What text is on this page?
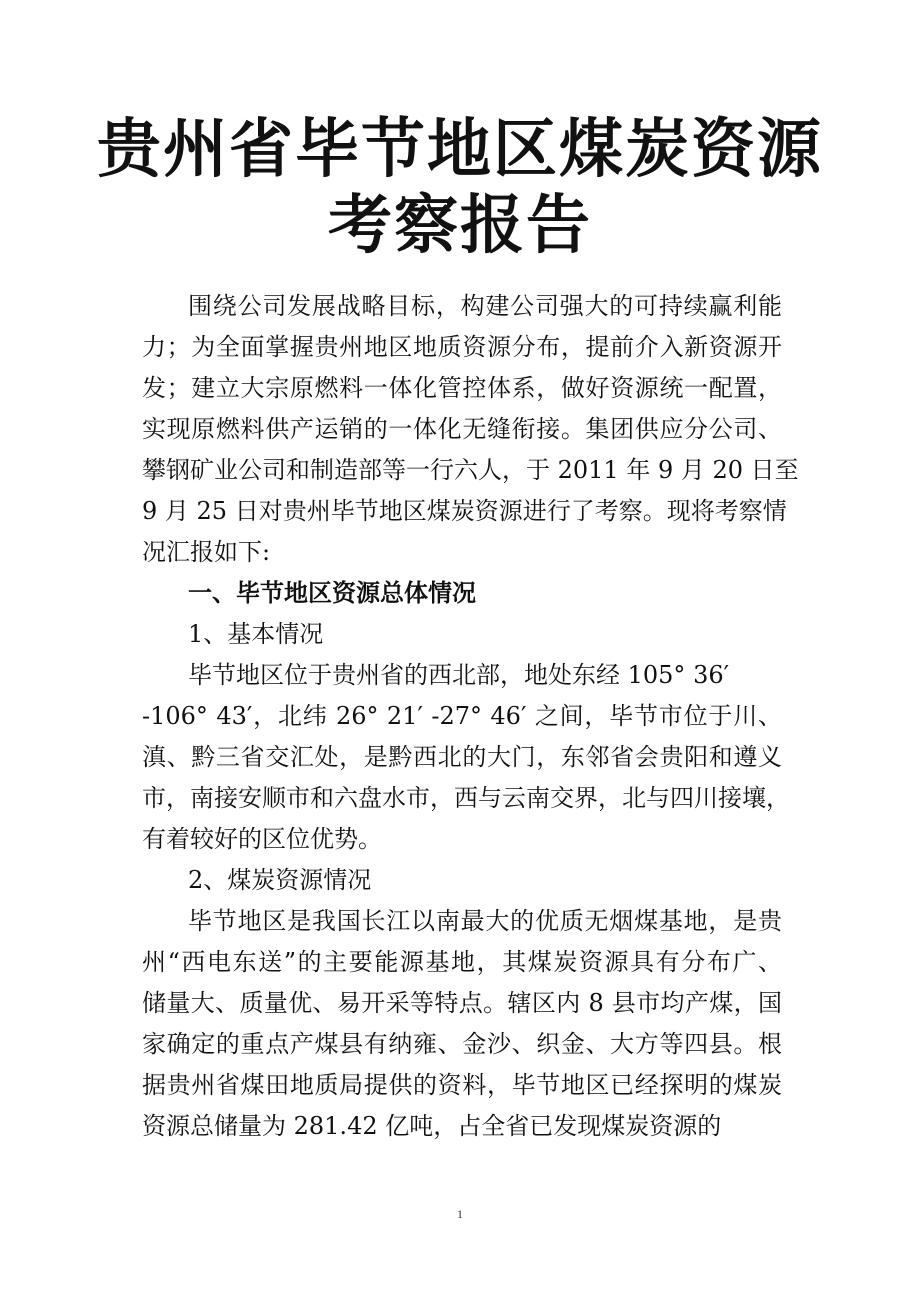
贵州省毕节地区煤炭资源
考察报告
围绕公司发展战略目标，构建公司强大的可持续赢利能
力；为全面掌握贵州地区地质资源分布，提前介入新资源开
发；建立大宗原燃料一体化管控体系，做好资源统一配置，
实现原燃料供产运销的一体化无缝衔接。集团供应分公司、
攀钢矿业公司和制造部等一行六人，于 2011 年 9 月 20 日至
9 月 25 日对贵州毕节地区煤炭资源进行了考察。现将考察情
况汇报如下:
一、毕节地区资源总体情况
1、基本情况
毕节地区位于贵州省的西北部，地处东经 105° 36′
-106° 43′，北纬 26° 21′ -27° 46′ 之间，毕节市位于川、
滇、黔三省交汇处，是黔西北的大门，东邻省会贵阳和遵义
市，南接安顺市和六盘水市，西与云南交界，北与四川接壤，
有着较好的区位优势。
2、煤炭资源情况
毕节地区是我国长江以南最大的优质无烟煤基地，是贵
州“西电东送”的主要能源基地，其煤炭资源具有分布广、
储量大、质量优、易开采等特点。辖区内 8 县市均产煤，国
家确定的重点产煤县有纳雍、金沙、织金、大方等四县。根
据贵州省煤田地质局提供的资料，毕节地区已经探明的煤炭
资源总储量为 281.42 亿吨，占全省已发现煤炭资源的
1
